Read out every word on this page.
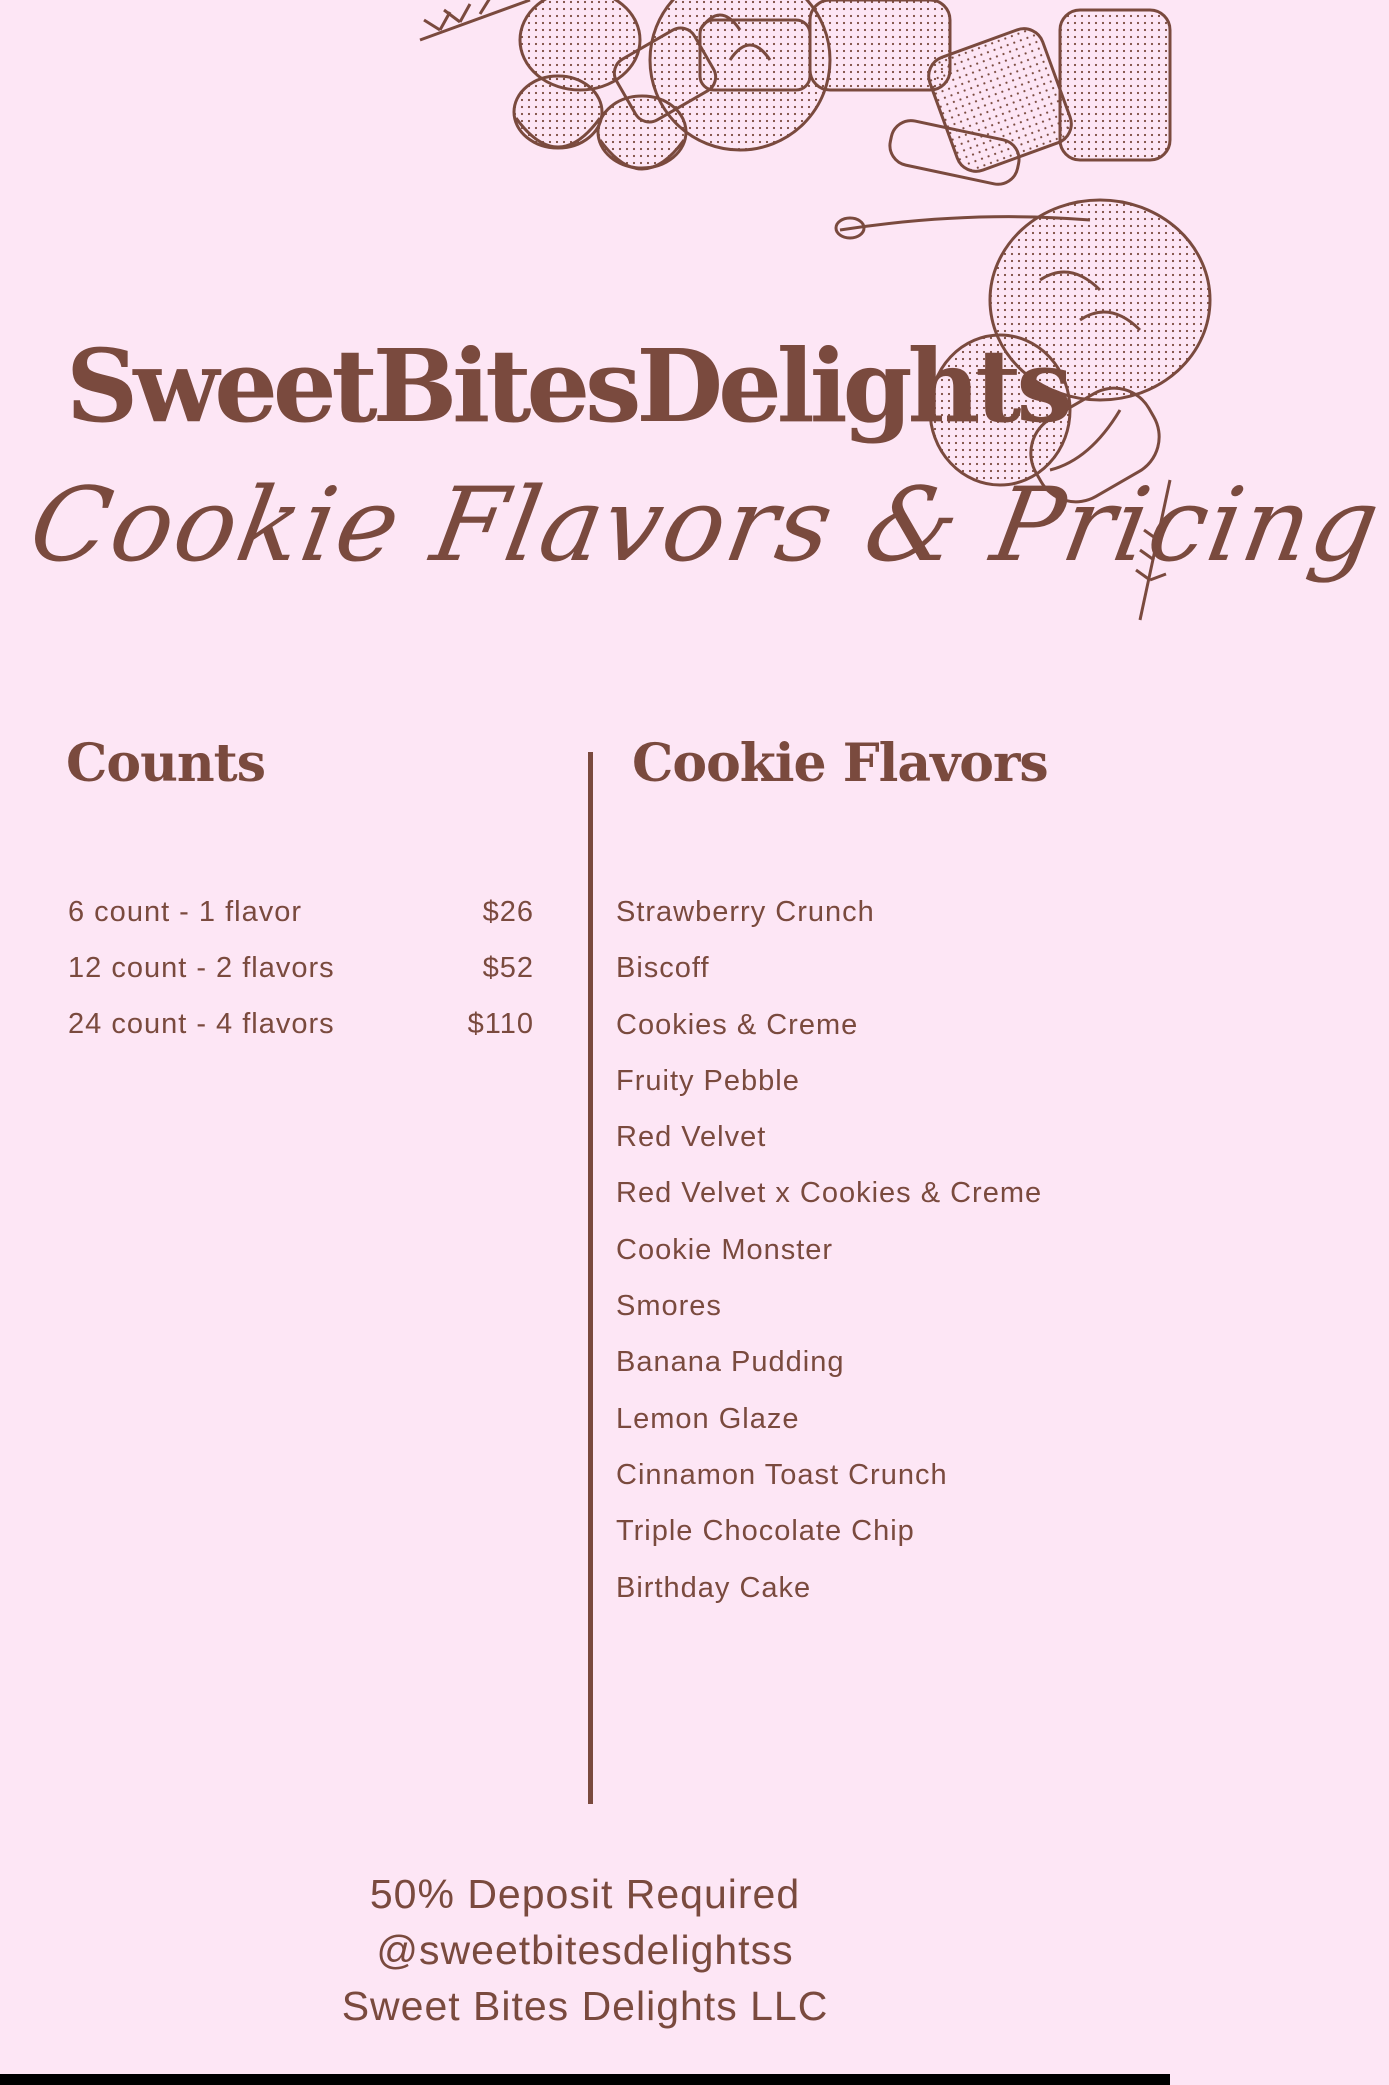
SweetBitesDelights
Cookie Flavors & Pricing
Counts	Cookie Flavors
6 count - 1 flavor	$26
12 count - 2 flavors	$52
24 count - 4 flavors	$110
Strawberry Crunch
Biscoff
Cookies & Creme
Fruity Pebble
Red Velvet
Red Velvet x Cookies & Creme
Cookie Monster
Smores
Banana Pudding
Lemon Glaze
Cinnamon Toast Crunch
Triple Chocolate Chip
Birthday Cake
50% Deposit Required
@sweetbitesdelightss
Sweet Bites Delights LLC
